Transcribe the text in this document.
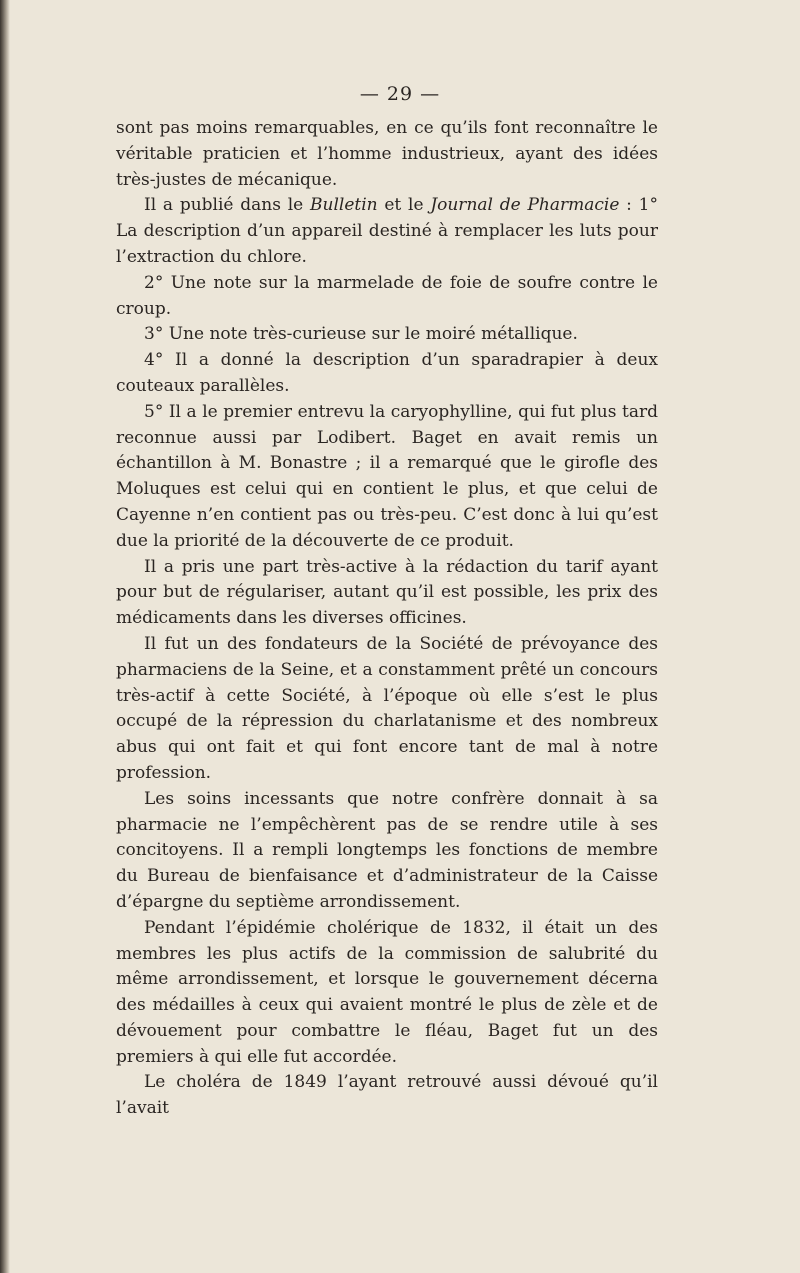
— 29 —

sont pas moins remarquables, en ce qu’ils font reconnaître le véritable praticien et l’homme industrieux, ayant des idées très-justes de mécanique.

Il a publié dans le Bulletin et le Journal de Pharmacie : 1° La description d’un appareil destiné à remplacer les luts pour l’extraction du chlore.

2° Une note sur la marmelade de foie de soufre contre le croup.

3° Une note très-curieuse sur le moiré métallique.

4° Il a donné la description d’un sparadrapier à deux couteaux parallèles.

5° Il a le premier entrevu la caryophylline, qui fut plus tard reconnue aussi par Lodibert. Baget en avait remis un échantillon à M. Bonastre ; il a remarqué que le girofle des Moluques est celui qui en contient le plus, et que celui de Cayenne n’en contient pas ou très-peu. C’est donc à lui qu’est due la priorité de la découverte de ce produit.

Il a pris une part très-active à la rédaction du tarif ayant pour but de régulariser, autant qu’il est possible, les prix des médicaments dans les diverses officines.

Il fut un des fondateurs de la Société de prévoyance des pharmaciens de la Seine, et a constamment prêté un concours très-actif à cette Société, à l’époque où elle s’est le plus occupé de la répression du charlatanisme et des nombreux abus qui ont fait et qui font encore tant de mal à notre profession.

Les soins incessants que notre confrère donnait à sa pharmacie ne l’empêchèrent pas de se rendre utile à ses concitoyens. Il a rempli longtemps les fonctions de membre du Bureau de bienfaisance et d’administrateur de la Caisse d’épargne du septième arrondissement.

Pendant l’épidémie cholérique de 1832, il était un des membres les plus actifs de la commission de salubrité du même arrondissement, et lorsque le gouvernement décerna des médailles à ceux qui avaient montré le plus de zèle et de dévouement pour combattre le fléau, Baget fut un des premiers à qui elle fut accordée.

Le choléra de 1849 l’ayant retrouvé aussi dévoué qu’il l’avait
